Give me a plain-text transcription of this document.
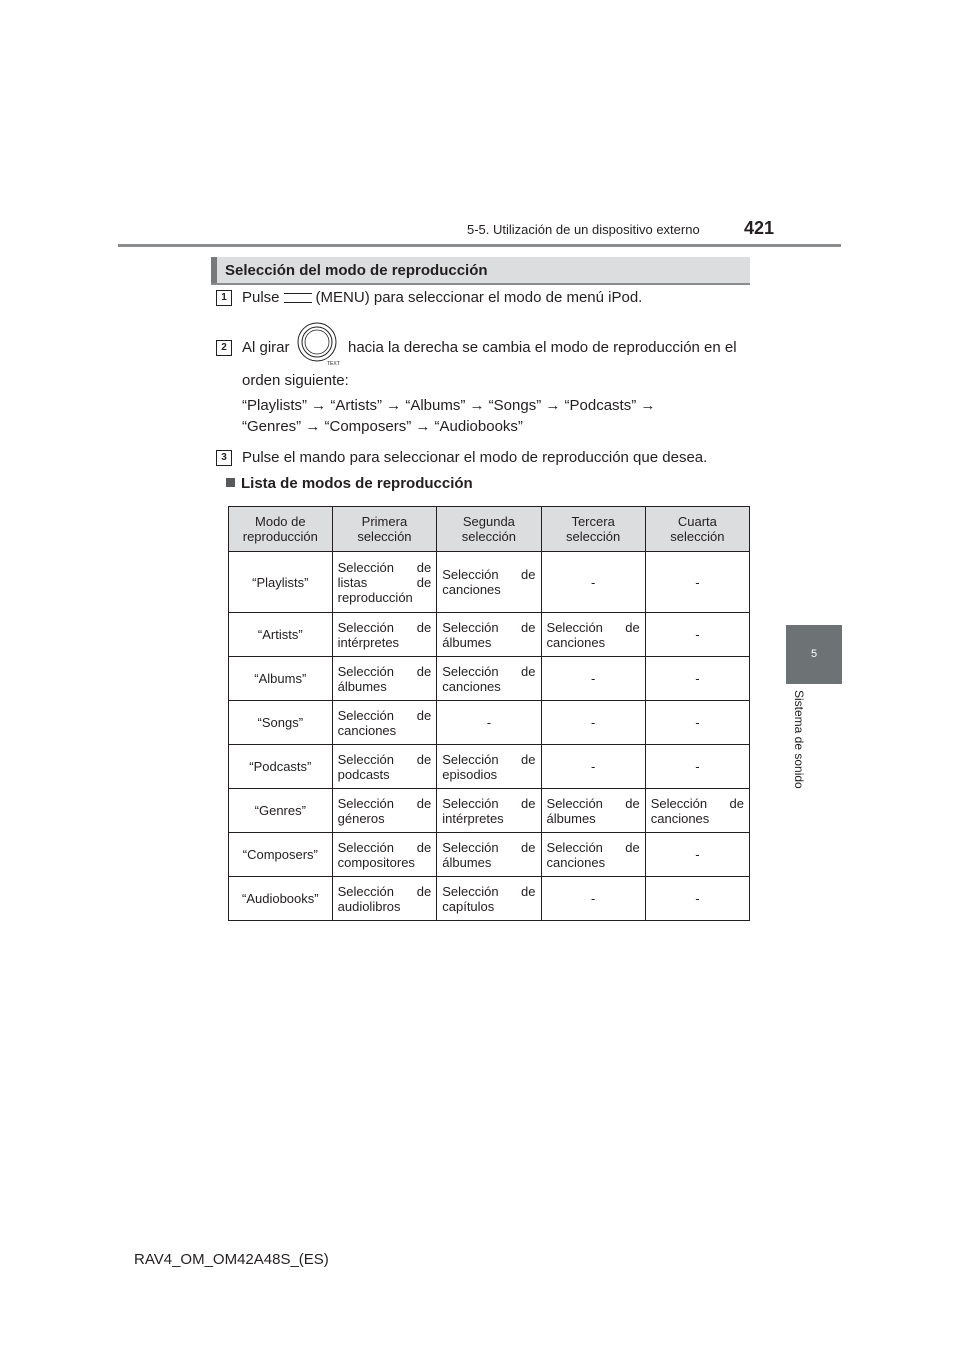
5-5. Utilización de un dispositivo externo 421
5
Sistema de sonido
Selección del modo de reproducción
1	Pulse (MENU) para seleccionar el modo de menú iPod.
2	Al girar
TEXT
hacia la derecha se cambia el modo de reproducción en el
orden siguiente:
“Playlists” → “Artists” → “Albums” → “Songs” → “Podcasts” →
“Genres” → “Composers” → “Audiobooks”
3	Pulse el mando para seleccionar el modo de reproducción que desea.
Lista de modos de reproducción
Modo de reproducción	Primera selección	Segunda selección	Tercera selección	Cuarta selección
“Playlists”	Selección de listas de reproducción	Selección de canciones	-	-
“Artists”	Selección de intérpretes	Selección de álbumes	Selección de canciones	-
“Albums”	Selección de álbumes	Selección de canciones	-	-
“Songs”	Selección de canciones	-	-	-
“Podcasts”	Selección de podcasts	Selección de episodios	-	-
“Genres”	Selección de géneros	Selección de intérpretes	Selección de álbumes	Selección de canciones
“Composers”	Selección de compositores	Selección de álbumes	Selección de canciones	-
“Audiobooks”	Selección de audiolibros	Selección de capítulos	-	-
RAV4_OM_OM42A48S_(ES)
